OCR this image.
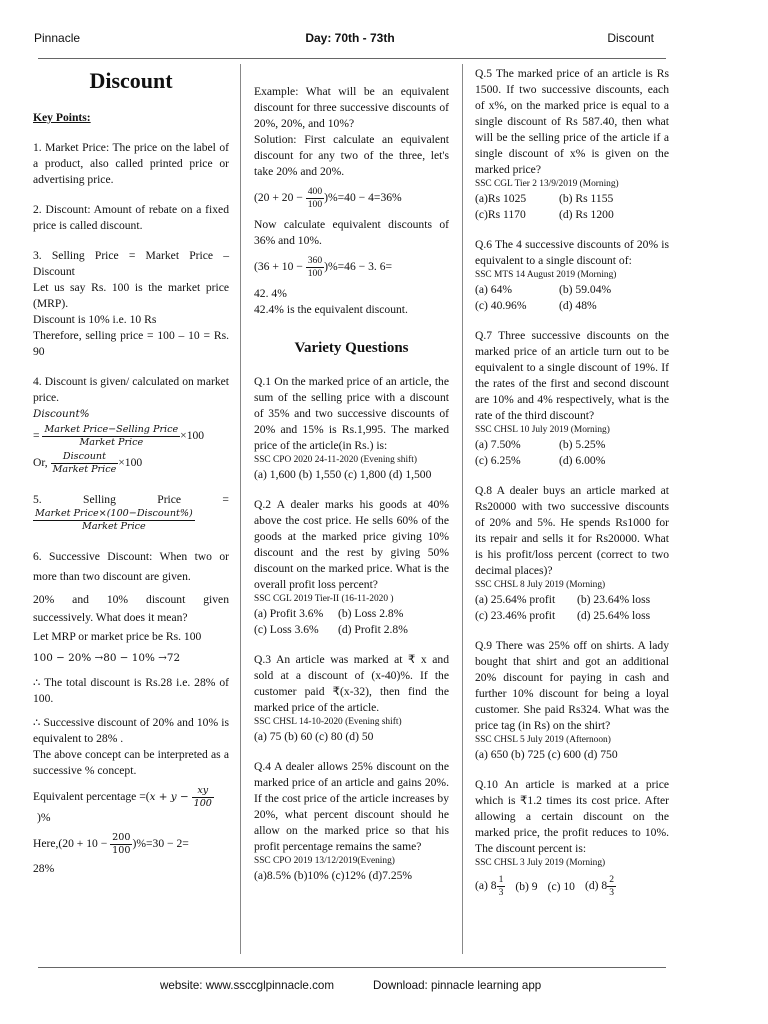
Pinnacle	Day: 70th - 73th	Discount
Discount
Key Points:

1. Market Price: The price on the label of a product, also called printed price or advertising price.

2. Discount: Amount of rebate on a fixed price is called discount.

3. Selling Price = Market Price – Discount

Let us say Rs. 100 is the market price (MRP).

Discount is 10% i.e. 10 Rs

Therefore, selling price = 100 – 10 = Rs. 90

4. Discount is given/ calculated on market price.

Discount%
= $\frac{\text{Market Price−Selling Price}}{\text{Market Price}} \times 100$
Or, $\frac{\text{Discount}}{\text{Market Price}} \times 100$
5.	Selling	Price	=
$\frac{\text{Market Price×(100−Discount\%)}}{\text{Market Price}}$

6. Successive Discount: When two or more than two discount are given.

20% and 10% discount given successively. What does it mean?

Let MRP or market price be Rs. 100

100 − 20% →80 − 10% →72

∴ The total discount is Rs.28 i.e. 28% of 100.

∴ Successive discount of 20% and 10% is equivalent to 28% .

The above concept can be interpreted as a successive % concept.

Equivalent percentage $=(x + y - \frac{xy}{100}$
)%
Here,(20 + $10 - \frac{200}{100} )\%=30 - 2=$
28%

Example: What will be an equivalent discount for three successive discounts of 20%, 20%, and 10%?

Solution: First calculate an equivalent discount for any two of the three, let's take 20% and 20%.

$(20 + 20 - \frac{400}{100} )\%=40 - 4=36\%$

Now calculate equivalent discounts of 36% and 10%.

$(36 + 10 - \frac{360}{100} )\%=46 - 3$. 6=

42. 4%

42.4% is the equivalent discount.

Variety Questions

Q.1 On the marked price of an article, the sum of the selling price with a discount of 35% and two successive discounts of 20% and 15% is Rs.1,995. The marked price of the article(in Rs.) is:

SSC CPO 2020 24-11-2020 (Evening shift)

(a) 1,600 (b) 1,550 (c) 1,800 (d) 1,500

Q.2 A dealer marks his goods at 40% above the cost price. He sells 60% of the goods at the marked price giving 10% discount and the rest by giving 50% discount on the marked price. What is the overall profit loss percent?

SSC CGL 2019 Tier-II (16-11-2020 )
(a) Profit 3.6%	(b) Loss 2.8%
(c) Loss 3.6%	(d) Profit 2.8%

Q.3 An article was marked at ₹ x and sold at a discount of (x-40)%. If the customer paid ₹(x-32), then find the marked price of the article.

SSC CHSL 14-10-2020 (Evening shift)

(a) 75 (b) 60 (c) 80 (d) 50

Q.4 A dealer allows 25% discount on the marked price of an article and gains 20%. If the cost price of the article increases by 20%, what percent discount should he allow on the marked price so that his profit percentage remains the same?

SSC CPO 2019 13/12/2019(Evening)

(a)8.5% (b)10% (c)12% (d)7.25%

Q.5 The marked price of an article is Rs 1500. If two successive discounts, each of x%, on the marked price is equal to a single discount of Rs 587.40, then what will be the selling price of the article if a single discount of x% is given on the marked price?

SSC CGL Tier 2 13/9/2019 (Morning)
(a)Rs 1025	(b) Rs 1155
(c)Rs 1170	(d) Rs 1200

Q.6 The 4 successive discounts of 20% is equivalent to a single discount of:

SSC MTS 14 August 2019 (Morning)
(a) 64%	(b) 59.04%
(c) 40.96%	(d) 48%

Q.7 Three successive discounts on the marked price of an article turn out to be equivalent to a single discount of 19%. If the rates of the first and second discount are 10% and 4% respectively, what is the rate of the third discount?

SSC CHSL 10 July 2019 (Morning)
(a) 7.50%	(b) 5.25%
(c) 6.25%	(d) 6.00%

Q.8 A dealer buys an article marked at Rs20000 with two successive discounts of 20% and 5%. He spends Rs1000 for its repair and sells it for Rs20000. What is his profit/loss percent (correct to two decimal places)?

SSC CHSL 8 July 2019 (Morning)
(a) 25.64% profit	(b) 23.64% loss
(c) 23.46% profit	(d) 25.64% loss

Q.9 There was 25% off on shirts. A lady bought that shirt and got an additional 20% discount for paying in cash and further 10% discount for being a loyal customer. She paid Rs324. What was the price tag (in Rs) on the shirt?

SSC CHSL 5 July 2019 (Afternoon)

(a) 650 (b) 725 (c) 600 (d) 750

Q.10 An article is marked at a price which is ₹1.2 times its cost price. After allowing a certain discount on the marked price, the profit reduces to 10%. The discount percent is:

SSC CHSL 3 July 2019 (Morning)
(a) $8 \frac{1}{3} (b)$ 9 (c) 10 (d) $8 \frac{2}{3}$
website: www.ssccglpinnacle.com	Download: pinnacle learning app
